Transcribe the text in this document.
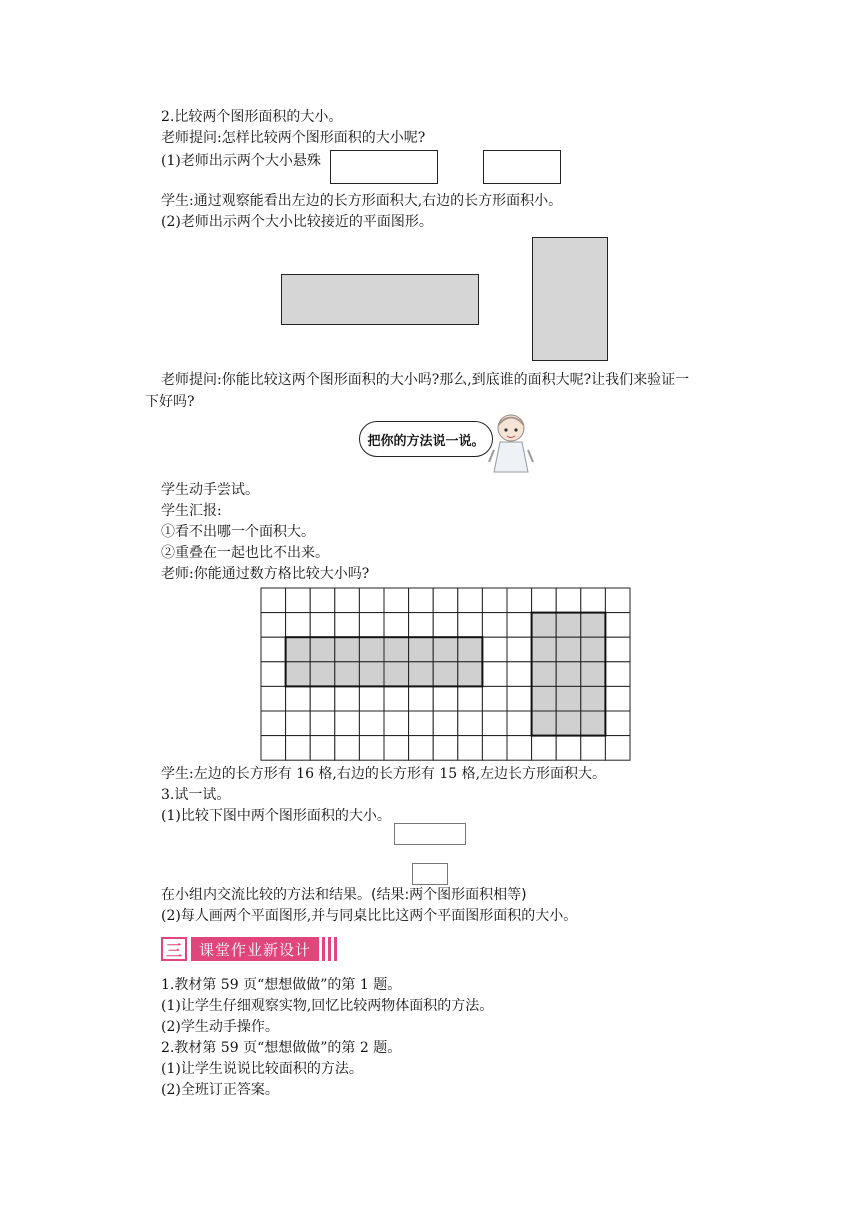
2.比较两个图形面积的大小。
老师提问:怎样比较两个图形面积的大小呢?
(1)老师出示两个大小悬殊
学生:通过观察能看出左边的长方形面积大,右边的长方形面积小。
(2)老师出示两个大小比较接近的平面图形。
老师提问:你能比较这两个图形面积的大小吗?那么,到底谁的面积大呢?让我们来验证一
下好吗?
把你的方法说一说。
学生动手尝试。
学生汇报:
①看不出哪一个面积大。
②重叠在一起也比不出来。
老师:你能通过数方格比较大小吗?
学生:左边的长方形有 16 格,右边的长方形有 15 格,左边长方形面积大。
3.试一试。
(1)比较下图中两个图形面积的大小。
在小组内交流比较的方法和结果。(结果:两个图形面积相等)
(2)每人画两个平面图形,并与同桌比比这两个平面图形面积的大小。
三	课堂作业新设计
1.教材第 59 页“想想做做”的第 1 题。
(1)让学生仔细观察实物,回忆比较两物体面积的方法。
(2)学生动手操作。
2.教材第 59 页“想想做做”的第 2 题。
(1)让学生说说比较面积的方法。
(2)全班订正答案。
